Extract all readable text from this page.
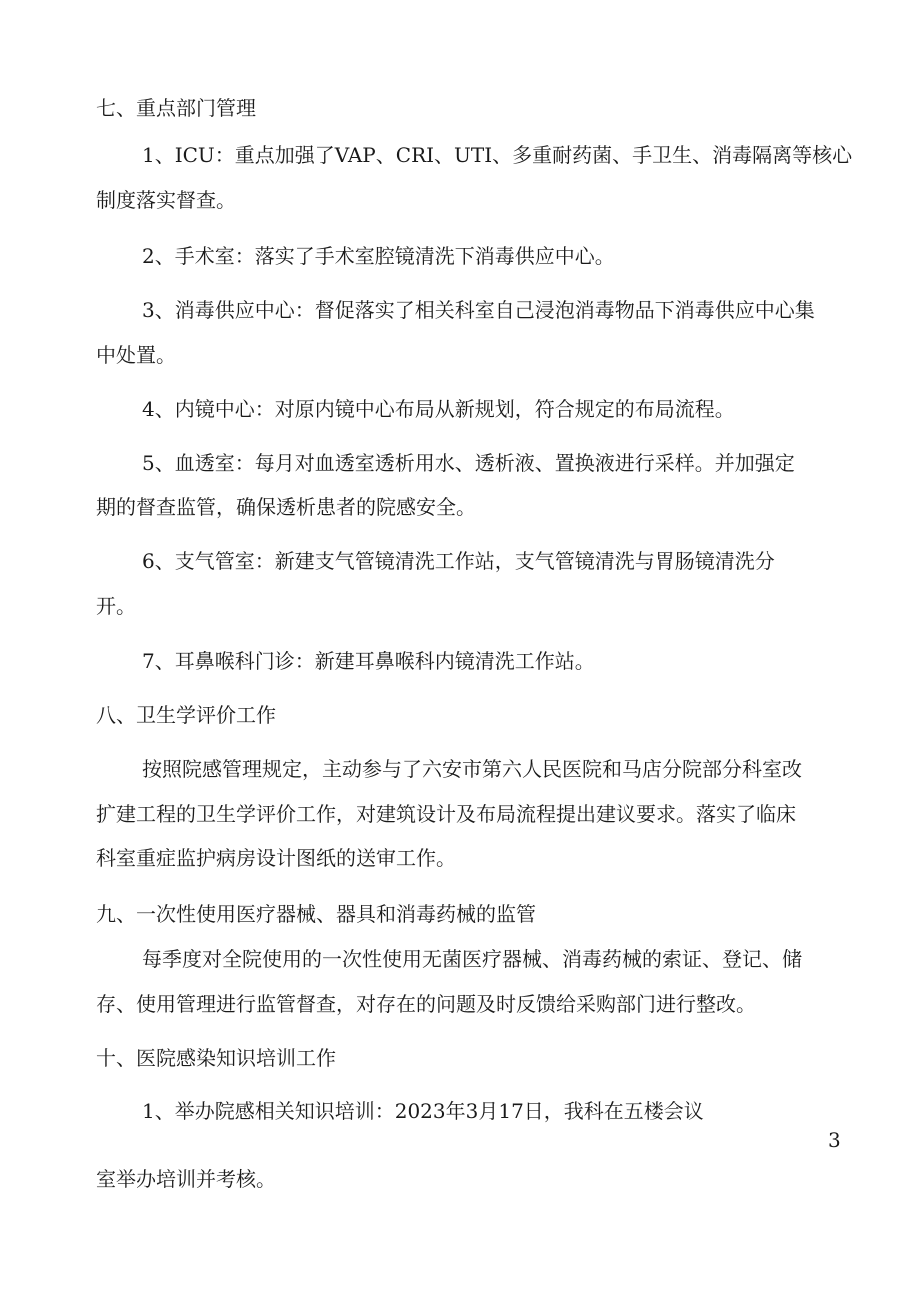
七、重点部门管理
1、ICU：重点加强了VAP、CRI、UTI、多重耐药菌、手卫生、消毒隔离等核心
制度落实督查。
2、手术室：落实了手术室腔镜清洗下消毒供应中心。
3、消毒供应中心：督促落实了相关科室自己浸泡消毒物品下消毒供应中心集
中处置。
4、内镜中心：对原内镜中心布局从新规划，符合规定的布局流程。
5、血透室：每月对血透室透析用水、透析液、置换液进行采样。并加强定
期的督查监管，确保透析患者的院感安全。
6、支气管室：新建支气管镜清洗工作站，支气管镜清洗与胃肠镜清洗分
开。
7、耳鼻喉科门诊：新建耳鼻喉科内镜清洗工作站。
八、卫生学评价工作
按照院感管理规定，主动参与了六安市第六人民医院和马店分院部分科室改
扩建工程的卫生学评价工作，对建筑设计及布局流程提出建议要求。落实了临床
科室重症监护病房设计图纸的送审工作。
九、一次性使用医疗器械、器具和消毒药械的监管
每季度对全院使用的一次性使用无菌医疗器械、消毒药械的索证、登记、储
存、使用管理进行监管督查，对存在的问题及时反馈给采购部门进行整改。
十、医院感染知识培训工作
1、举办院感相关知识培训：2023年3月17日，我科在五楼会议
3
室举办培训并考核。
